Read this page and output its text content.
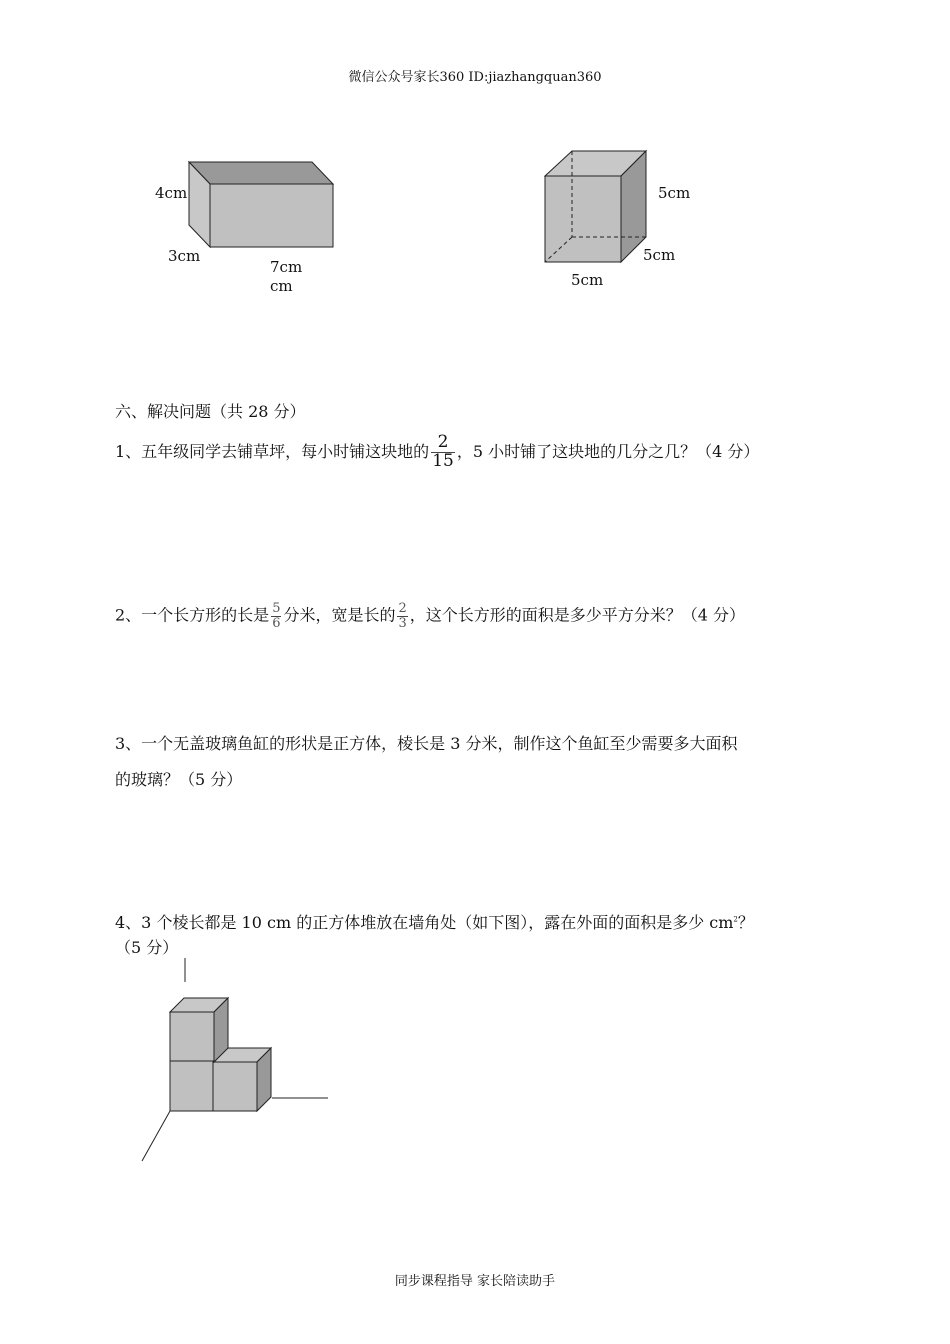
微信公众号家长360 ID:jiazhangquan360
4cm
3cm
7cm
cm
5cm
5cm
5cm
六、解决问题（共 28 分）
1、五年级同学去铺草坪，每小时铺这块地的 $\frac{2}{15}$ ，5 小时铺了这块地的几分之几？（4 分）
2、一个长方形的长是 $\frac{5}{6}$ 分米，宽是长的 $\frac{2}{3}$ ，这个长方形的面积是多少平方分米？（4 分）
3、一个无盖玻璃鱼缸的形状是正方体，棱长是 3 分米，制作这个鱼缸至少需要多大面积
的玻璃？（5 分）
4、3 个棱长都是 10 cm 的正方体堆放在墙角处（如下图），露在外面的面积是多少 $cm^2$？
（5 分）
同步课程指导 家长陪读助手
